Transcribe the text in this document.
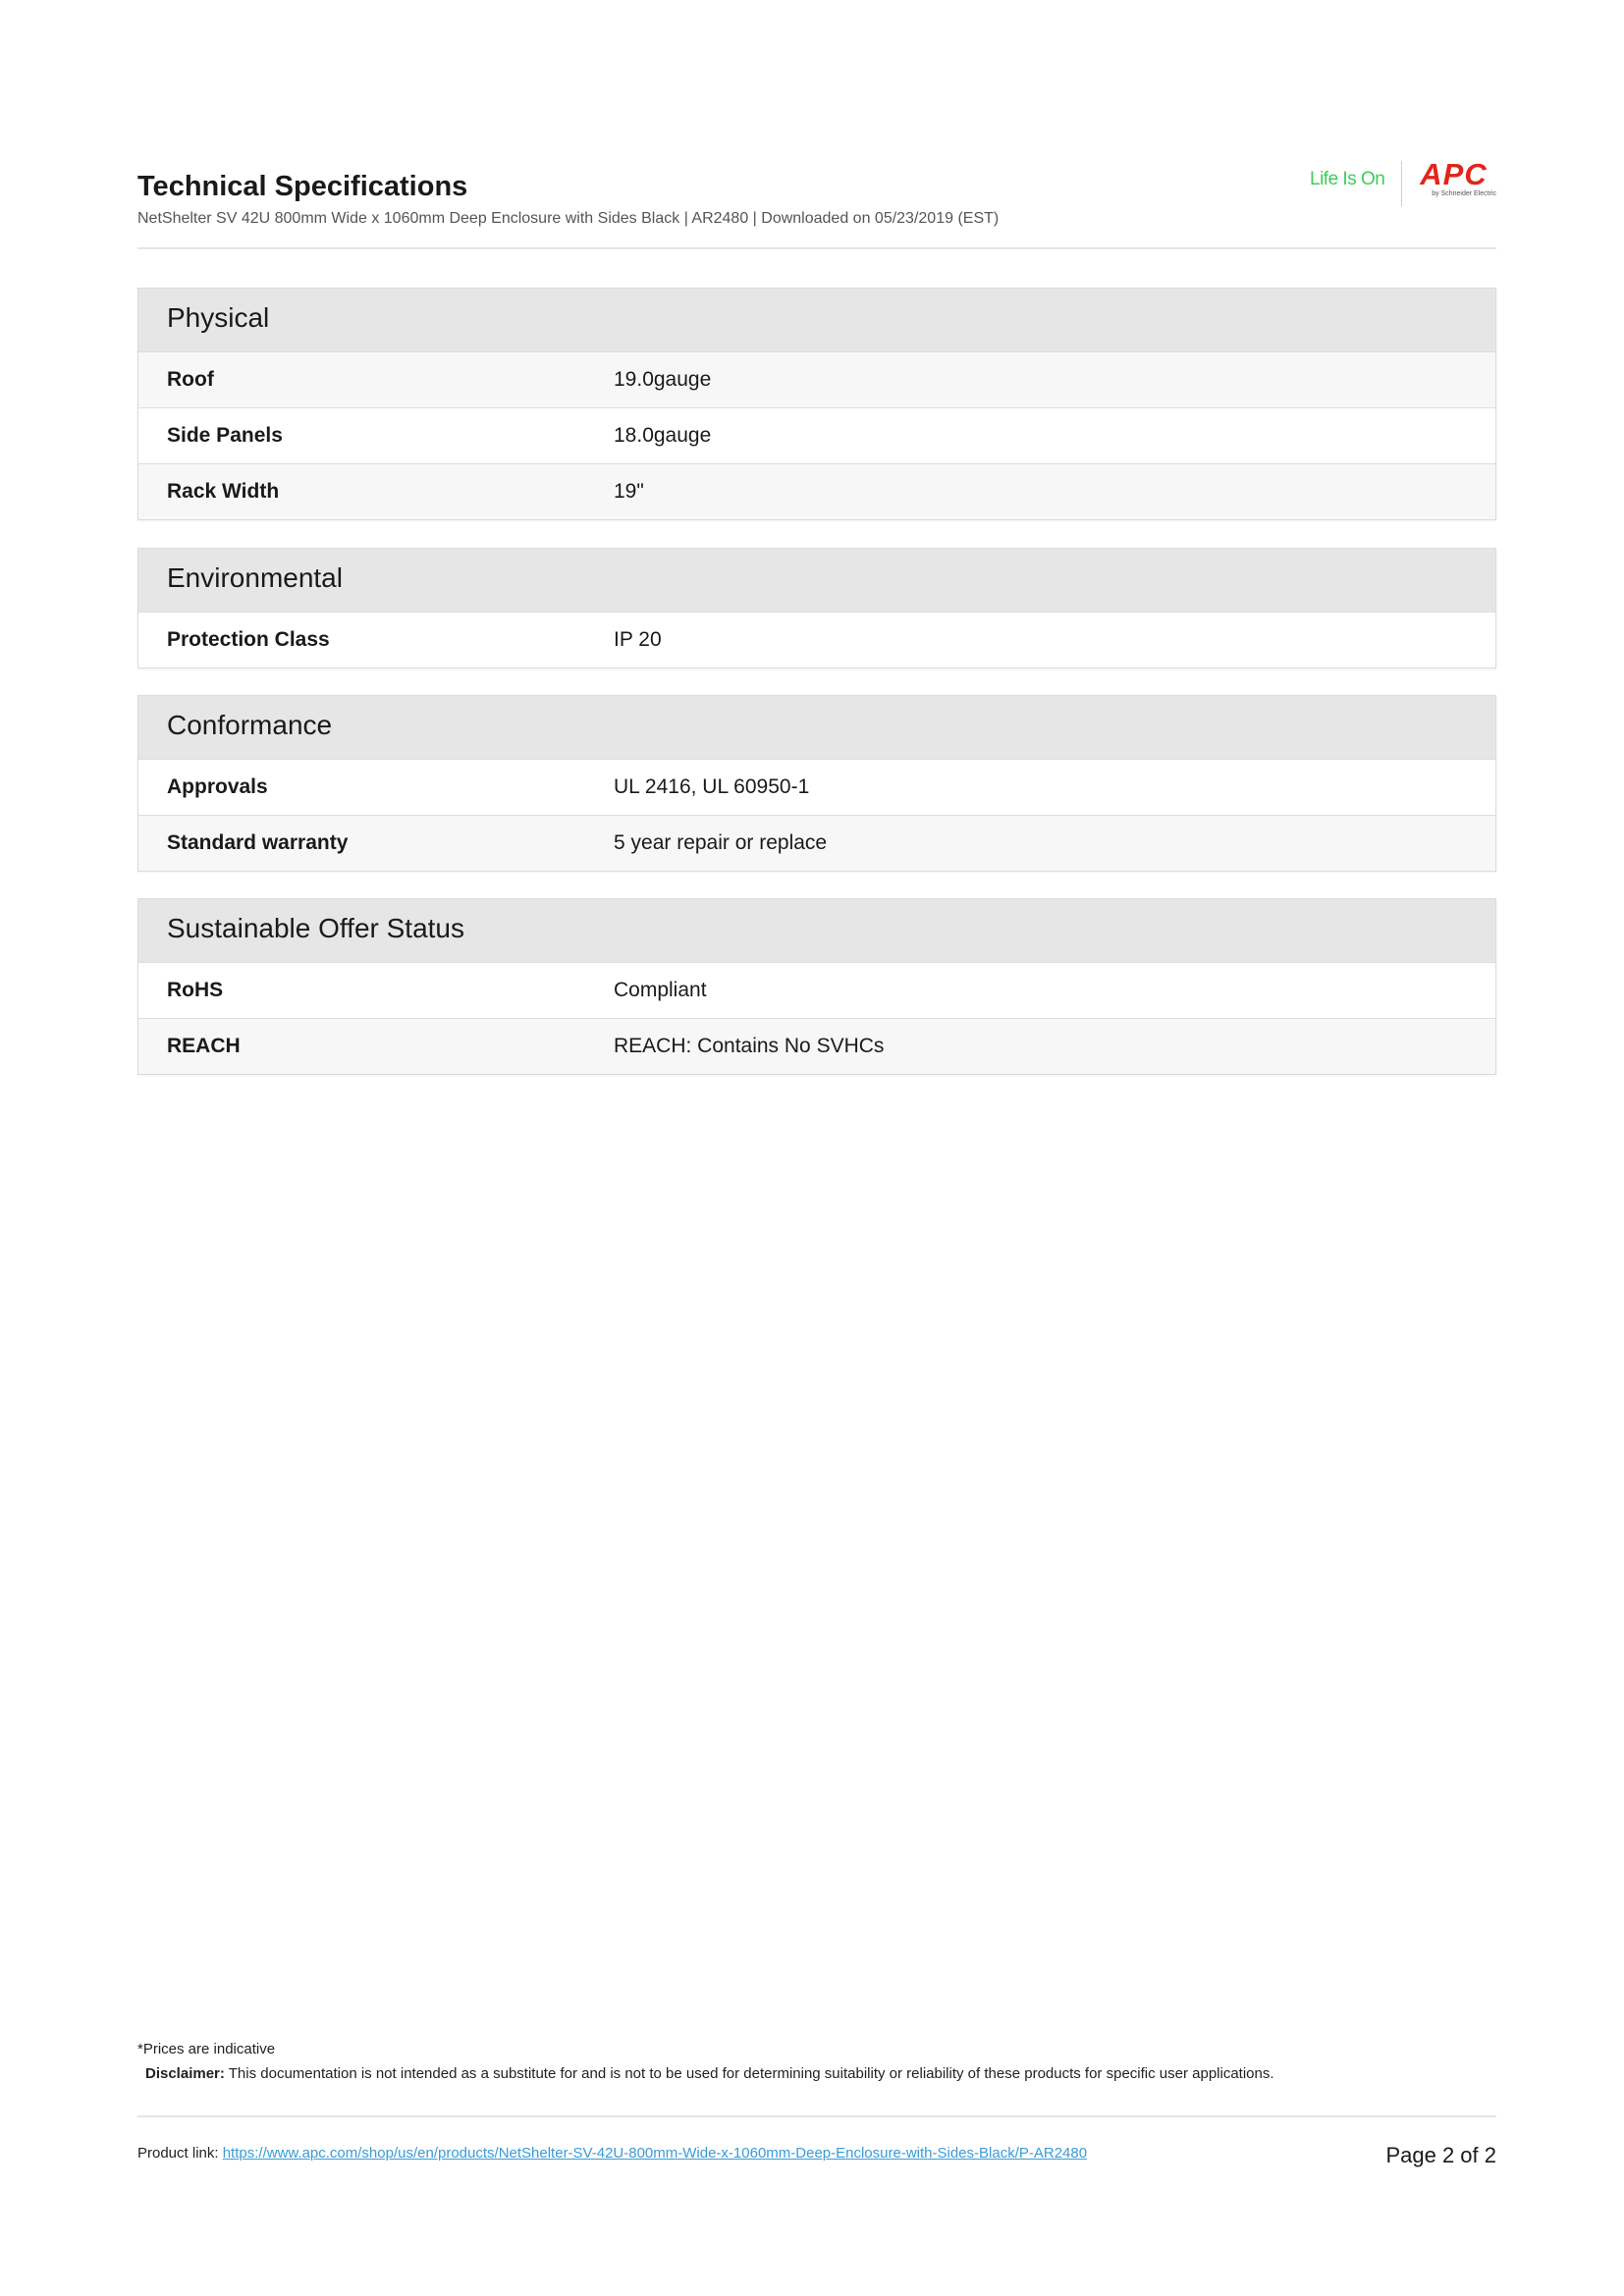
Technical Specifications
NetShelter SV 42U 800mm Wide x 1060mm Deep Enclosure with Sides Black | AR2480 | Downloaded on 05/23/2019 (EST)
Life Is On APC
by Schneider Electric
Physical
Roof	19.0gauge
Side Panels	18.0gauge
Rack Width	19"
Environmental
Protection Class	IP 20
Conformance
Approvals	UL 2416, UL 60950-1
Standard warranty	5 year repair or replace
Sustainable Offer Status
RoHS	Compliant
REACH	REACH: Contains No SVHCs
*Prices are indicative
Disclaimer: This documentation is not intended as a substitute for and is not to be used for determining suitability or reliability of these products for specific user applications.
Product link: https://www.apc.com/shop/us/en/products/NetShelter-SV-42U-800mm-Wide-x-1060mm-Deep-Enclosure-with-Sides-Black/P-AR2480	Page 2 of 2
